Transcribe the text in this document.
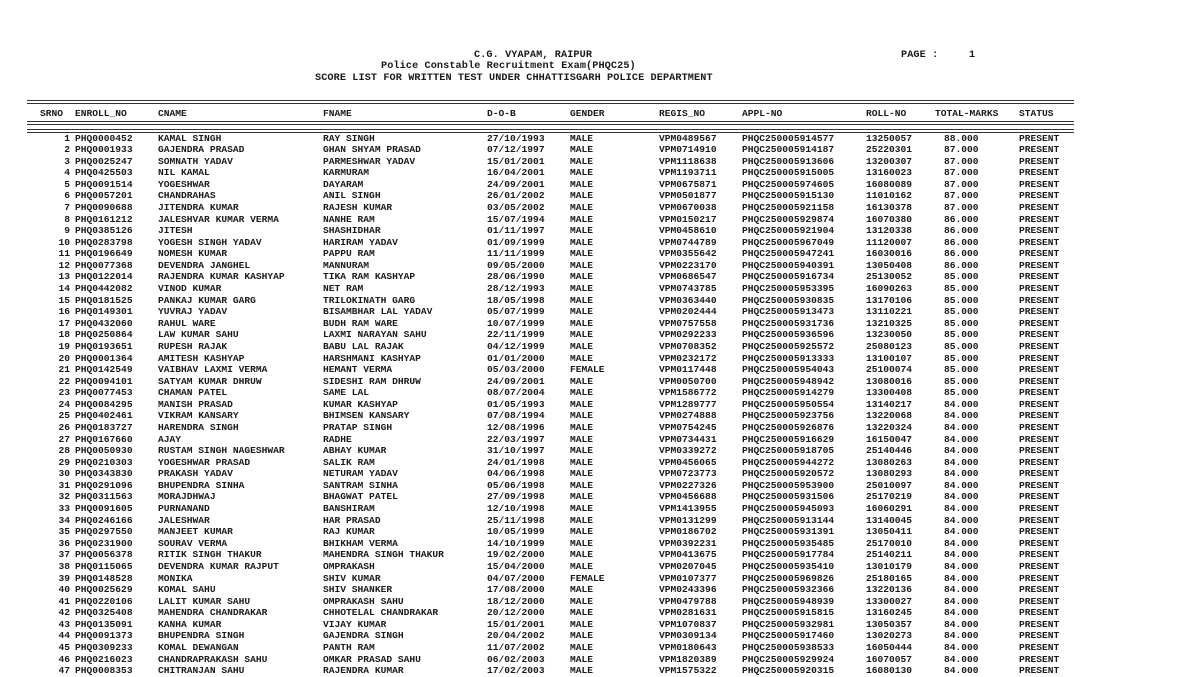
C.G. VYAPAM, RAIPUR
Police Constable Recruitment Exam(PHQC25)
SCORE LIST FOR WRITTEN TEST UNDER CHHATTISGARH POLICE DEPARTMENT
PAGE :	1
SRNO ENROLL_NO	CNAME	FNAME	D-O-B	GENDER	REGIS_NO	APPL-NO	ROLL-NO	TOTAL-MARKS STATUS
1 PHQ0000452	KAMAL SINGH	RAY SINGH	27/10/1993	MALE	VPM0489567	PHQC250005914577	13250057	88.000	PRESENT
2 PHQ0001933	GAJENDRA PRASAD	GHAN SHYAM PRASAD	07/12/1997	MALE	VPM0714910	PHQC250005914187	25220301	87.000	PRESENT
3 PHQ0025247	SOMNATH YADAV	PARMESHWAR YADAV	15/01/2001	MALE	VPM1118638	PHQC250005913606	13200307	87.000	PRESENT
4 PHQ0425503	NIL KAMAL	KARMURAM	16/04/2001	MALE	VPM1193711	PHQC250005915005	13160023	87.000	PRESENT
5 PHQ0091514	YOGESHWAR	DAYARAM	24/09/2001	MALE	VPM0675871	PHQC250005974605	16080089	87.000	PRESENT
6 PHQ0057201	CHANDRAHAS	ANIL SINGH	26/01/2002	MALE	VPM0501877	PHQC250005915130	11010162	87.000	PRESENT
7 PHQ0090688	JITENDRA KUMAR	RAJESH KUMAR	03/05/2002	MALE	VPM0670038	PHQC250005921158	16130378	87.000	PRESENT
8 PHQ0161212	JALESHVAR KUMAR VERMA	NANHE RAM	15/07/1994	MALE	VPM0150217	PHQC250005929874	16070380	86.000	PRESENT
9 PHQ0385126	JITESH	SHASHIDHAR	01/11/1997	MALE	VPM0458610	PHQC250005921904	13120338	86.000	PRESENT
10 PHQ0283798	YOGESH SINGH YADAV	HARIRAM YADAV	01/09/1999	MALE	VPM0744789	PHQC250005967049	11120007	86.000	PRESENT
11 PHQ0196649	NOMESH KUMAR	PAPPU RAM	11/11/1999	MALE	VPM0355642	PHQC250005947241	16030016	86.000	PRESENT
12 PHQ0077368	DEVENDRA JANGHEL	MANNURAM	09/05/2000	MALE	VPM0223170	PHQC250005940391	13050408	86.000	PRESENT
13 PHQ0122014	RAJENDRA KUMAR KASHYAP	TIKA RAM KASHYAP	28/06/1990	MALE	VPM0686547	PHQC250005916734	25130052	85.000	PRESENT
14 PHQ0442082	VINOD KUMAR	NET RAM	28/12/1993	MALE	VPM0743785	PHQC250005953395	16090263	85.000	PRESENT
15 PHQ0181525	PANKAJ KUMAR GARG	TRILOKINATH GARG	18/05/1998	MALE	VPM0363440	PHQC250005930835	13170106	85.000	PRESENT
16 PHQ0149301	YUVRAJ YADAV	BISAMBHAR LAL YADAV	05/07/1999	MALE	VPM0202444	PHQC250005913473	13110221	85.000	PRESENT
17 PHQ0432060	RAHUL WARE	BUDH RAM WARE	10/07/1999	MALE	VPM0757558	PHQC250005931736	13210325	85.000	PRESENT
18 PHQ0250864	LAW KUMAR SAHU	LAXMI NARAYAN SAHU	22/11/1999	MALE	VPM0292233	PHQC250005936596	13230050	85.000	PRESENT
19 PHQ0193651	RUPESH RAJAK	BABU LAL RAJAK	04/12/1999	MALE	VPM0708352	PHQC250005925572	25080123	85.000	PRESENT
20 PHQ0001364	AMITESH KASHYAP	HARSHMANI KASHYAP	01/01/2000	MALE	VPM0232172	PHQC250005913333	13100107	85.000	PRESENT
21 PHQ0142549	VAIBHAV LAXMI VERMA	HEMANT VERMA	05/03/2000	FEMALE	VPM0117448	PHQC250005954043	25100074	85.000	PRESENT
22 PHQ0094101	SATYAM KUMAR DHRUW	SIDESHI RAM DHRUW	24/09/2001	MALE	VPM0050700	PHQC250005948942	13080016	85.000	PRESENT
23 PHQ0077453	CHAMAN PATEL	SAME LAL	08/07/2004	MALE	VPM1586772	PHQC250005914279	13300408	85.000	PRESENT
24 PHQ0084295	MANISH PRASAD	KUMAR KASHYAP	01/05/1993	MALE	VPM1289777	PHQC250005950554	13140217	84.000	PRESENT
25 PHQ0402461	VIKRAM KANSARY	BHIMSEN KANSARY	07/08/1994	MALE	VPM0274888	PHQC250005923756	13220068	84.000	PRESENT
26 PHQ0183727	HARENDRA SINGH	PRATAP SINGH	12/08/1996	MALE	VPM0754245	PHQC250005926876	13220324	84.000	PRESENT
27 PHQ0167660	AJAY	RADHE	22/03/1997	MALE	VPM0734431	PHQC250005916629	16150047	84.000	PRESENT
28 PHQ0050930	RUSTAM SINGH NAGESHWAR	ABHAY KUMAR	31/10/1997	MALE	VPM0339272	PHQC250005918705	25140446	84.000	PRESENT
29 PHQ0210303	YOGESHWAR PRASAD	SALIK RAM	24/01/1998	MALE	VPM0456065	PHQC250005944272	13080263	84.000	PRESENT
30 PHQ0343830	PRAKASH YADAV	NETURAM YADAV	04/06/1998	MALE	VPM0723773	PHQC250005920572	13080293	84.000	PRESENT
31 PHQ0291096	BHUPENDRA SINHA	SANTRAM SINHA	05/06/1998	MALE	VPM0227326	PHQC250005953900	25010097	84.000	PRESENT
32 PHQ0311563	MORAJDHWAJ	BHAGWAT PATEL	27/09/1998	MALE	VPM0456688	PHQC250005931506	25170219	84.000	PRESENT
33 PHQ0091605	PURNANAND	BANSHIRAM	12/10/1998	MALE	VPM1413955	PHQC250005945093	16060291	84.000	PRESENT
34 PHQ0246166	JALESHWAR	HAR PRASAD	25/11/1998	MALE	VPM0131299	PHQC250005913144	13140045	84.000	PRESENT
35 PHQ0297550	MANJEET KUMAR	RAJ KUMAR	10/05/1999	MALE	VPM0186702	PHQC250005931391	13050411	84.000	PRESENT
36 PHQ0231900	SOURAV VERMA	BHIKHAM VERMA	14/10/1999	MALE	VPM0392231	PHQC250005935485	25170010	84.000	PRESENT
37 PHQ0056378	RITIK SINGH THAKUR	MAHENDRA SINGH THAKUR	19/02/2000	MALE	VPM0413675	PHQC250005917784	25140211	84.000	PRESENT
38 PHQ0115065	DEVENDRA KUMAR RAJPUT	OMPRAKASH	15/04/2000	MALE	VPM0207045	PHQC250005935410	13010179	84.000	PRESENT
39 PHQ0148528	MONIKA	SHIV KUMAR	04/07/2000	FEMALE	VPM0107377	PHQC250005969826	25180165	84.000	PRESENT
40 PHQ0025629	KOMAL SAHU	SHIV SHANKER	17/08/2000	MALE	VPM0243396	PHQC250005932366	13220136	84.000	PRESENT
41 PHQ0220106	LALIT KUMAR SAHU	OMPRAKASH SAHU	18/12/2000	MALE	VPM0479788	PHQC250005948939	13300027	84.000	PRESENT
42 PHQ0325408	MAHENDRA CHANDRAKAR	CHHOTELAL CHANDRAKAR	20/12/2000	MALE	VPM0281631	PHQC250005915815	13160245	84.000	PRESENT
43 PHQ0135091	KANHA KUMAR	VIJAY KUMAR	15/01/2001	MALE	VPM1070837	PHQC250005932981	13050357	84.000	PRESENT
44 PHQ0091373	BHUPENDRA SINGH	GAJENDRA SINGH	20/04/2002	MALE	VPM0309134	PHQC250005917460	13020273	84.000	PRESENT
45 PHQ0309233	KOMAL DEWANGAN	PANTH RAM	11/07/2002	MALE	VPM0180643	PHQC250005938533	16050444	84.000	PRESENT
46 PHQ0216023	CHANDRAPRAKASH SAHU	OMKAR PRASAD SAHU	06/02/2003	MALE	VPM1820389	PHQC250005929924	16070057	84.000	PRESENT
47 PHQ0008353	CHITRANJAN SAHU	RAJENDRA KUMAR	17/02/2003	MALE	VPM1575322	PHQC250005920315	16080130	84.000	PRESENT
